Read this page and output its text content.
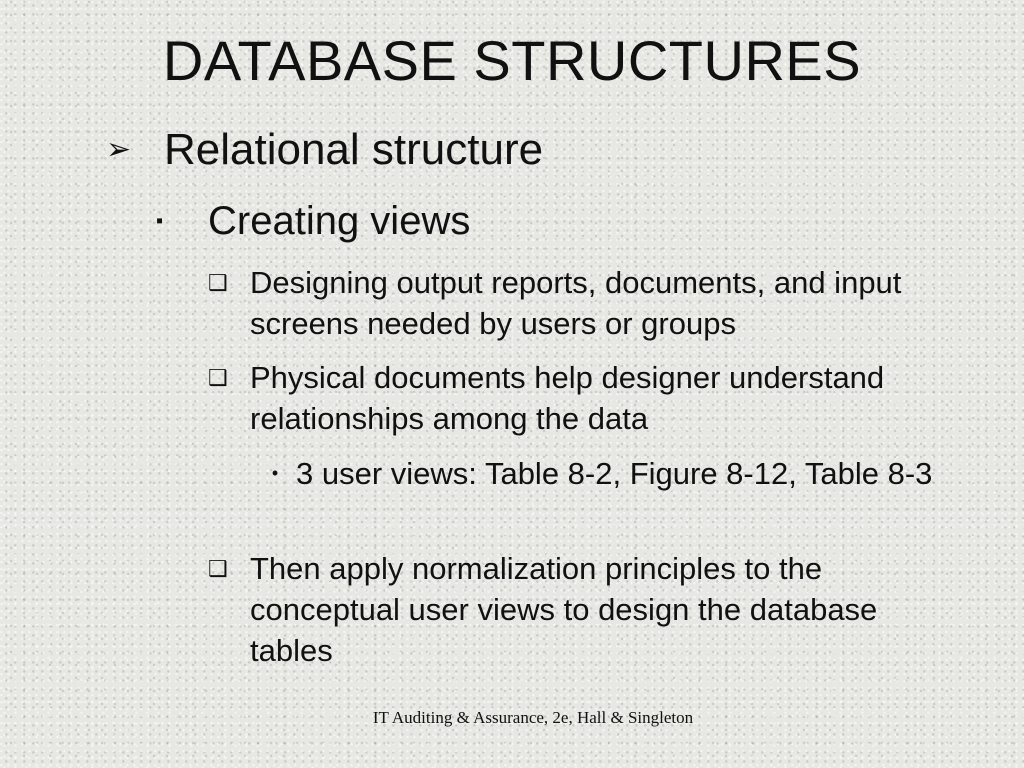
DATABASE STRUCTURES
➢ Relational structure
▪	Creating views
❑ Designing output reports, documents, and input screens needed by users or groups
❑ Physical documents help designer understand relationships among the data
• 3 user views: Table 8-2, Figure 8-12, Table 8-3
❑ Then apply normalization principles to the conceptual user views to design the database tables
IT Auditing & Assurance, 2e, Hall & Singleton
